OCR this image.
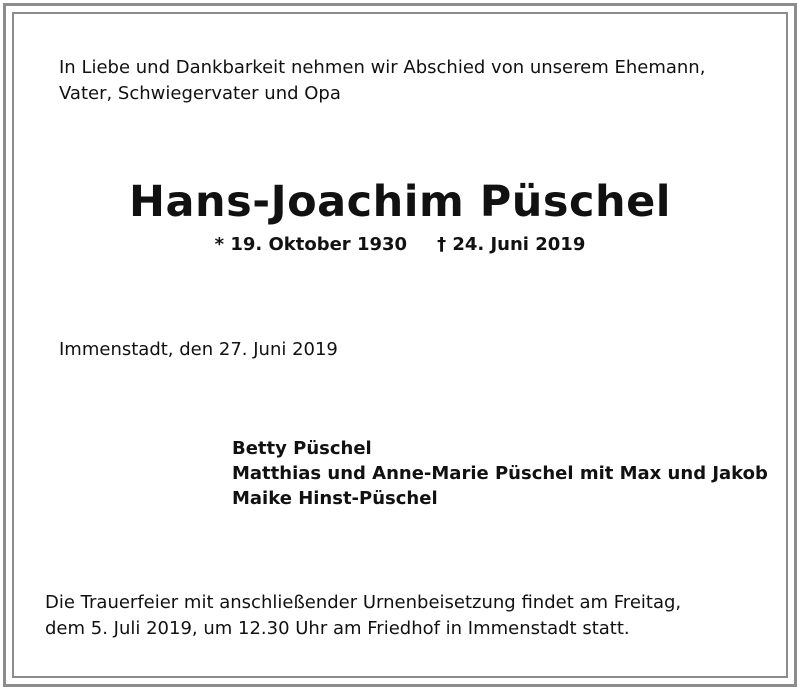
In Liebe und Dankbarkeit nehmen wir Abschied von unserem Ehemann,
Vater, Schwiegervater und Opa
Hans-Joachim Püschel
* 19. Oktober 1930 † 24. Juni 2019
Immenstadt, den 27. Juni 2019
Betty Püschel
Matthias und Anne-Marie Püschel mit Max und Jakob
Maike Hinst-Püschel
Die Trauerfeier mit anschließender Urnenbeisetzung findet am Freitag,
dem 5. Juli 2019, um 12.30 Uhr am Friedhof in Immenstadt statt.
